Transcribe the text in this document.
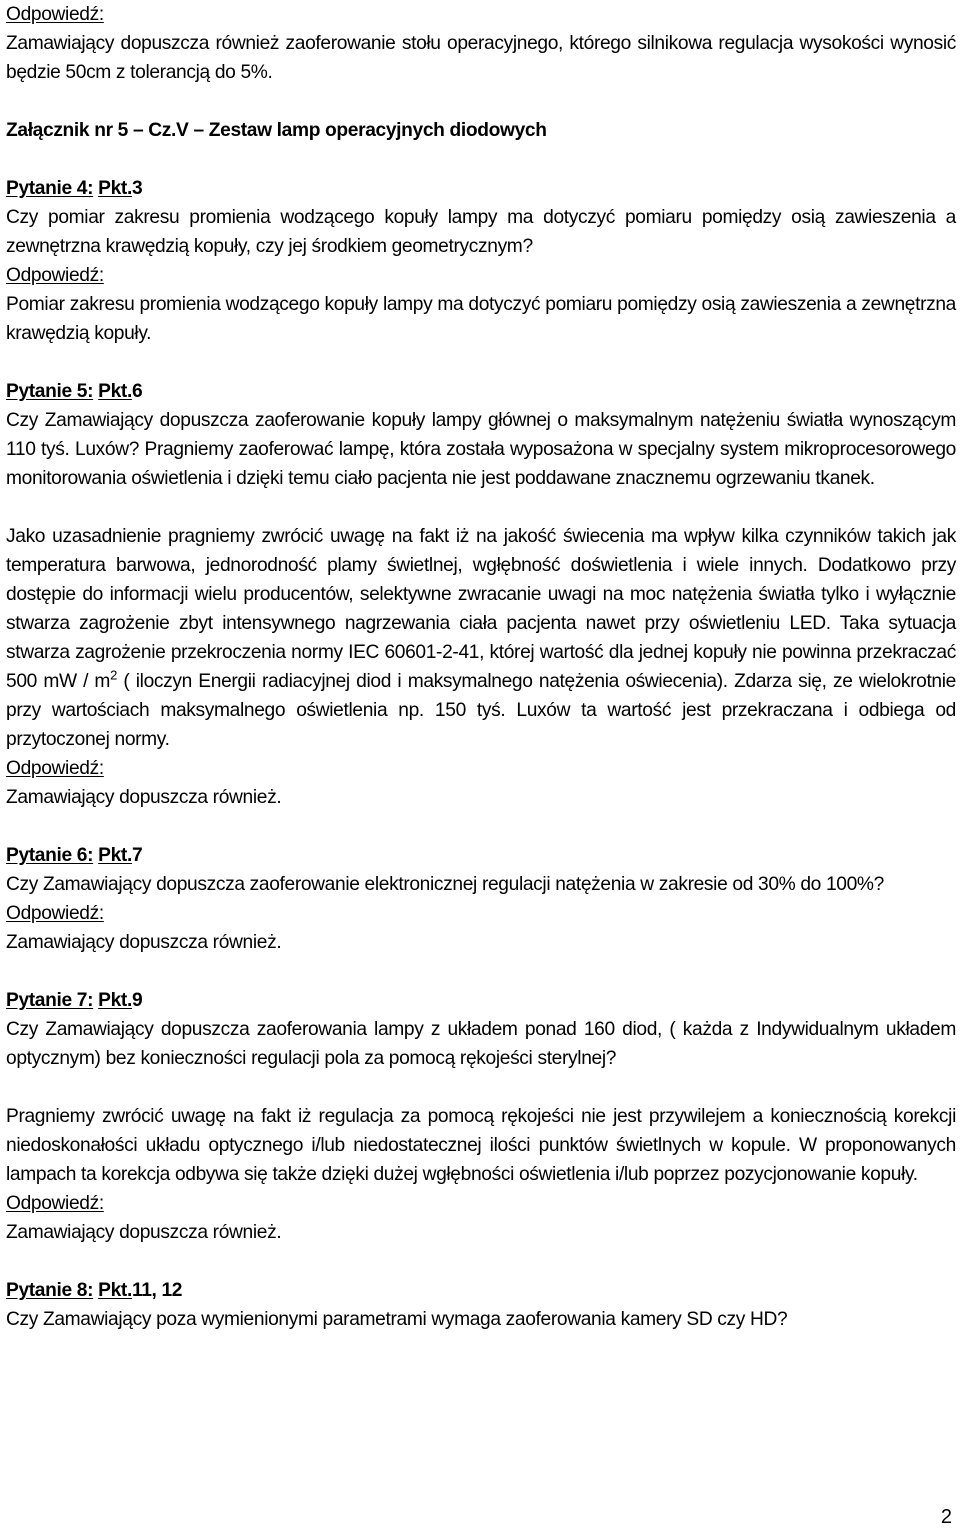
Odpowiedź:

Zamawiający dopuszcza również zaoferowanie stołu operacyjnego, którego silnikowa regulacja wysokości wynosić będzie 50cm z tolerancją do 5%.

Załącznik nr 5 – Cz.V – Zestaw lamp operacyjnych diodowych

Pytanie 4: Pkt.3

Czy pomiar zakresu promienia wodzącego kopuły lampy ma dotyczyć pomiaru pomiędzy osią zawieszenia a zewnętrzna krawędzią kopuły, czy jej środkiem geometrycznym?

Odpowiedź:

Pomiar zakresu promienia wodzącego kopuły lampy ma dotyczyć pomiaru pomiędzy osią zawieszenia a zewnętrzna krawędzią kopuły.

Pytanie 5: Pkt.6

Czy Zamawiający dopuszcza zaoferowanie kopuły lampy głównej o maksymalnym natężeniu światła wynoszącym 110 tyś. Luxów? Pragniemy zaoferować lampę, która została wyposażona w specjalny system mikroprocesorowego monitorowania oświetlenia i dzięki temu ciało pacjenta nie jest poddawane znacznemu ogrzewaniu tkanek.

Jako uzasadnienie pragniemy zwrócić uwagę na fakt iż na jakość świecenia ma wpływ kilka czynników takich jak temperatura barwowa, jednorodność plamy świetlnej, wgłębność doświetlenia i wiele innych. Dodatkowo przy dostępie do informacji wielu producentów, selektywne zwracanie uwagi na moc natężenia światła tylko i wyłącznie stwarza zagrożenie zbyt intensywnego nagrzewania ciała pacjenta nawet przy oświetleniu LED. Taka sytuacja stwarza zagrożenie przekroczenia normy IEC 60601-2-41, której wartość dla jednej kopuły nie powinna przekraczać 500 mW / $m^2$ ( iloczyn Energii radiacyjnej diod i maksymalnego natężenia oświecenia). Zdarza się, ze wielokrotnie przy wartościach maksymalnego oświetlenia np. 150 tyś. Luxów ta wartość jest przekraczana i odbiega od przytoczonej normy.

Odpowiedź:

Zamawiający dopuszcza również.

Pytanie 6: Pkt.7

Czy Zamawiający dopuszcza zaoferowanie elektronicznej regulacji natężenia w zakresie od 30% do 100%?

Odpowiedź:

Zamawiający dopuszcza również.

Pytanie 7: Pkt.9

Czy Zamawiający dopuszcza zaoferowania lampy z układem ponad 160 diod, ( każda z Indywidualnym układem optycznym) bez konieczności regulacji pola za pomocą rękojeści sterylnej?

Pragniemy zwrócić uwagę na fakt iż regulacja za pomocą rękojeści nie jest przywilejem a koniecznością korekcji niedoskonałości układu optycznego i/lub niedostatecznej ilości punktów świetlnych w kopule. W proponowanych lampach ta korekcja odbywa się także dzięki dużej wgłębności oświetlenia i/lub poprzez pozycjonowanie kopuły.

Odpowiedź:

Zamawiający dopuszcza również.

Pytanie 8: Pkt.11, 12

Czy Zamawiający poza wymienionymi parametrami wymaga zaoferowania kamery SD czy HD?

2
